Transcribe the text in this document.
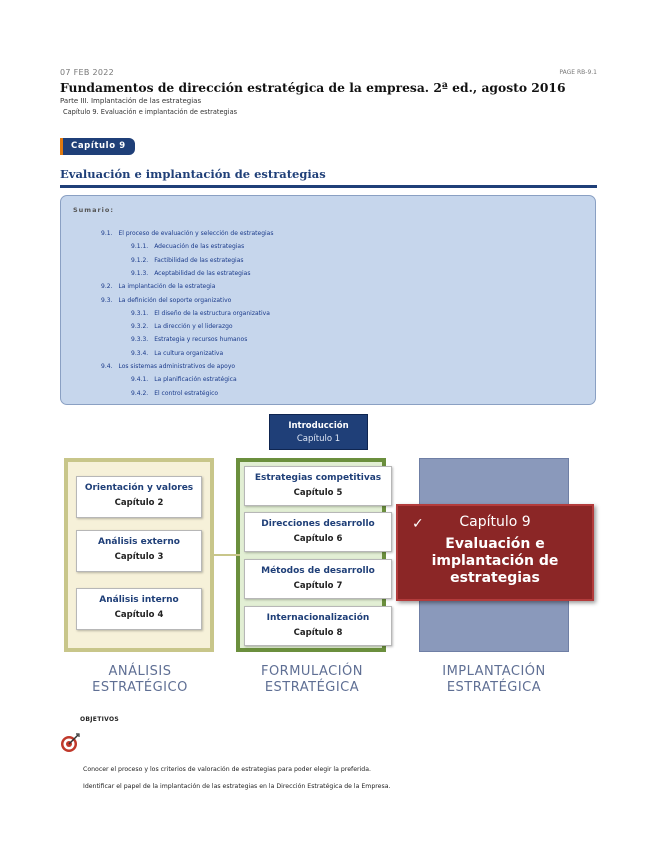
07 FEB 2022	PAGE RB-9.1
Fundamentos de dirección estratégica de la empresa. 2ª ed., agosto 2016
Parte III. Implantación de las estrategias
Capítulo 9. Evaluación e implantación de estrategias
Capítulo 9
Evaluación e implantación de estrategias
Sumario:
9.1. El proceso de evaluación y selección de estrategias
9.1.1. Adecuación de las estrategias
9.1.2. Factibilidad de las estrategias
9.1.3. Aceptabilidad de las estrategias
9.2. La implantación de la estrategia
9.3. La definición del soporte organizativo
9.3.1. El diseño de la estructura organizativa
9.3.2. La dirección y el liderazgo
9.3.3. Estrategia y recursos humanos
9.3.4. La cultura organizativa
9.4. Los sistemas administrativos de apoyo
9.4.1. La planificación estratégica
9.4.2. El control estratégico
Introducción
Capítulo 1
Orientación y valores
Capítulo 2
Análisis externo
Capítulo 3
Análisis interno
Capítulo 4
Estrategias competitivas
Capítulo 5
Direcciones desarrollo
Capítulo 6
Métodos de desarrollo
Capítulo 7
Internacionalización
Capítulo 8
✓	Capítulo 9
Evaluación e implantación de estrategias
ANÁLISIS
ESTRATÉGICO
FORMULACIÓN
ESTRATÉGICA
IMPLANTACIÓN
ESTRATÉGICA
OBJETIVOS
Conocer el proceso y los criterios de valoración de estrategias para poder elegir la preferida.
Identificar el papel de la implantación de las estrategias en la Dirección Estratégica de la Empresa.
